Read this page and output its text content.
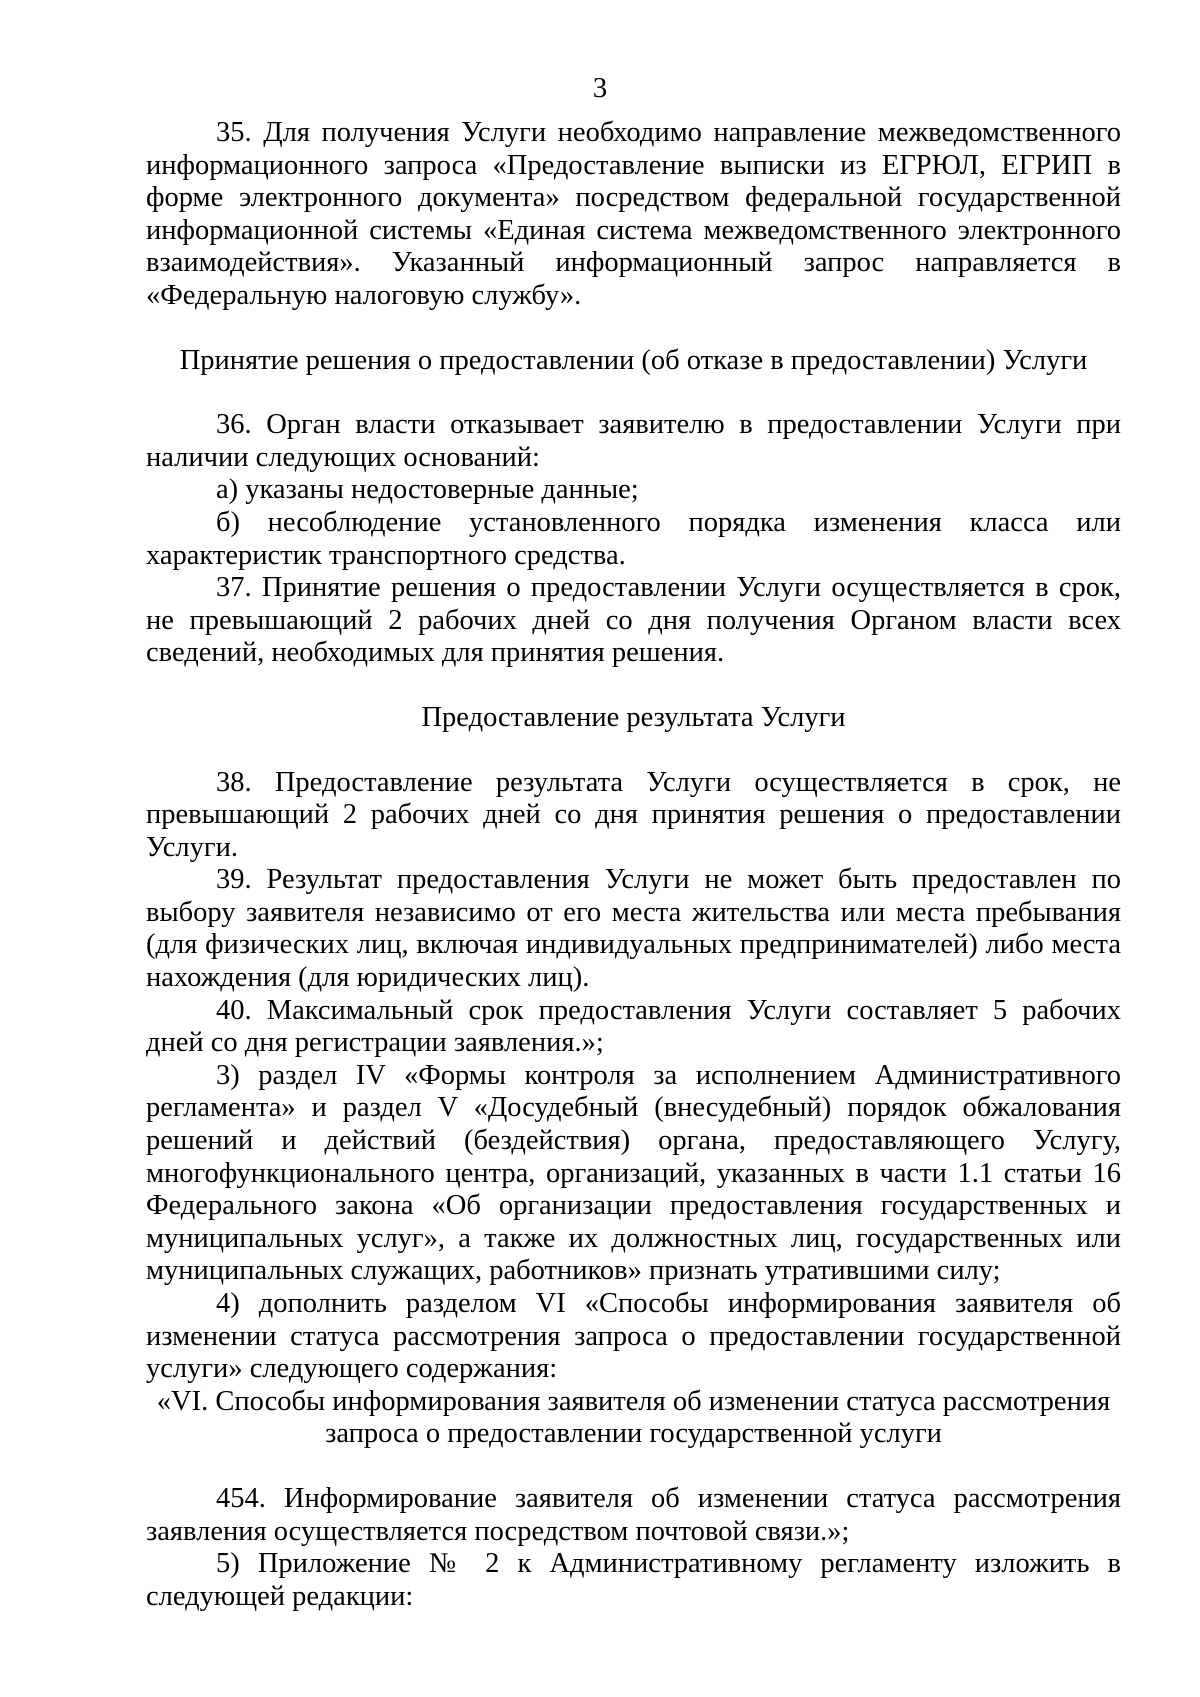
3

35. Для получения Услуги необходимо направление межведомственного информационного запроса «Предоставление выписки из ЕГРЮЛ, ЕГРИП в форме электронного документа» посредством федеральной государственной информационной системы «Единая система межведомственного электронного взаимодействия». Указанный информационный запрос направляется в «Федеральную налоговую службу».

Принятие решения о предоставлении (об отказе в предоставлении) Услуги

36. Орган власти отказывает заявителю в предоставлении Услуги при наличии следующих оснований:

а) указаны недостоверные данные;

б) несоблюдение установленного порядка изменения класса или характеристик транспортного средства.

37. Принятие решения о предоставлении Услуги осуществляется в срок, не превышающий 2 рабочих дней со дня получения Органом власти всех сведений, необходимых для принятия решения.

Предоставление результата Услуги

38. Предоставление результата Услуги осуществляется в срок, не превышающий 2 рабочих дней со дня принятия решения о предоставлении Услуги.

39. Результат предоставления Услуги не может быть предоставлен по выбору заявителя независимо от его места жительства или места пребывания (для физических лиц, включая индивидуальных предпринимателей) либо места нахождения (для юридических лиц).

40. Максимальный срок предоставления Услуги составляет 5 рабочих дней со дня регистрации заявления.»;

3) раздел IV «Формы контроля за исполнением Административного регламента» и раздел V «Досудебный (внесудебный) порядок обжалования решений и действий (бездействия) органа, предоставляющего Услугу, многофункционального центра, организаций, указанных в части 1.1 статьи 16 Федерального закона «Об организации предоставления государственных и муниципальных услуг», а также их должностных лиц, государственных или муниципальных служащих, работников» признать утратившими силу;

4) дополнить разделом VI «Способы информирования заявителя об изменении статуса рассмотрения запроса о предоставлении государственной услуги» следующего содержания:

«VI. Способы информирования заявителя об изменении статуса рассмотрения запроса о предоставлении государственной услуги

454. Информирование заявителя об изменении статуса рассмотрения заявления осуществляется посредством почтовой связи.»;

5) Приложение № 2 к Административному регламенту изложить в следующей редакции:
